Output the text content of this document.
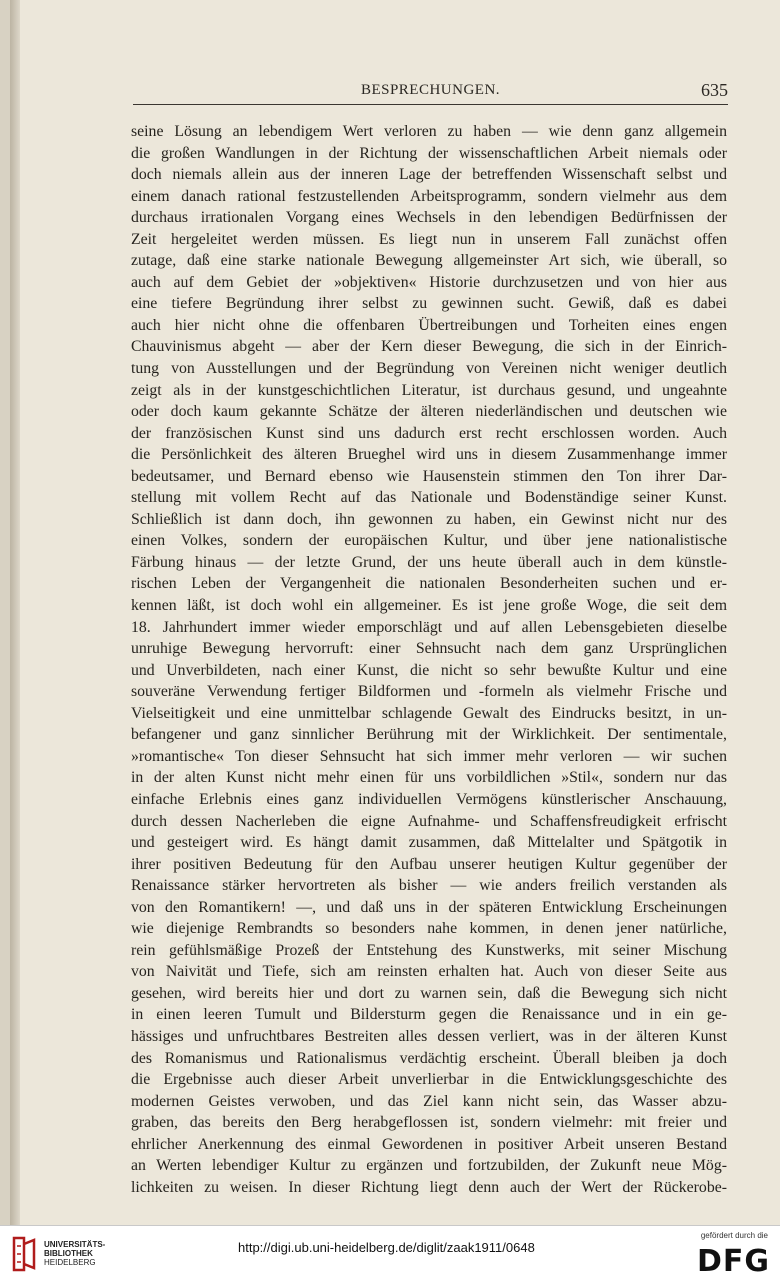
BESPRECHUNGEN.	635
seine Lösung an lebendigem Wert verloren zu haben — wie denn ganz allgemein
die großen Wandlungen in der Richtung der wissenschaftlichen Arbeit niemals oder
doch niemals allein aus der inneren Lage der betreffenden Wissenschaft selbst und
einem danach rational festzustellenden Arbeitsprogramm, sondern vielmehr aus dem
durchaus irrationalen Vorgang eines Wechsels in den lebendigen Bedürfnissen der
Zeit hergeleitet werden müssen. Es liegt nun in unserem Fall zunächst offen
zutage, daß eine starke nationale Bewegung allgemeinster Art sich, wie überall, so
auch auf dem Gebiet der »objektiven« Historie durchzusetzen und von hier aus
eine tiefere Begründung ihrer selbst zu gewinnen sucht. Gewiß, daß es dabei
auch hier nicht ohne die offenbaren Übertreibungen und Torheiten eines engen
Chauvinismus abgeht — aber der Kern dieser Bewegung, die sich in der Einrich-
tung von Ausstellungen und der Begründung von Vereinen nicht weniger deutlich
zeigt als in der kunstgeschichtlichen Literatur, ist durchaus gesund, und ungeahnte
oder doch kaum gekannte Schätze der älteren niederländischen und deutschen wie
der französischen Kunst sind uns dadurch erst recht erschlossen worden. Auch
die Persönlichkeit des älteren Brueghel wird uns in diesem Zusammenhange immer
bedeutsamer, und Bernard ebenso wie Hausenstein stimmen den Ton ihrer Dar-
stellung mit vollem Recht auf das Nationale und Bodenständige seiner Kunst.
Schließlich ist dann doch, ihn gewonnen zu haben, ein Gewinst nicht nur des
einen Volkes, sondern der europäischen Kultur, und über jene nationalistische
Färbung hinaus — der letzte Grund, der uns heute überall auch in dem künstle-
rischen Leben der Vergangenheit die nationalen Besonderheiten suchen und er-
kennen läßt, ist doch wohl ein allgemeiner. Es ist jene große Woge, die seit dem
18. Jahrhundert immer wieder emporschlägt und auf allen Lebensgebieten dieselbe
unruhige Bewegung hervorruft: einer Sehnsucht nach dem ganz Ursprünglichen
und Unverbildeten, nach einer Kunst, die nicht so sehr bewußte Kultur und eine
souveräne Verwendung fertiger Bildformen und -formeln als vielmehr Frische und
Vielseitigkeit und eine unmittelbar schlagende Gewalt des Eindrucks besitzt, in un-
befangener und ganz sinnlicher Berührung mit der Wirklichkeit. Der sentimentale,
»romantische« Ton dieser Sehnsucht hat sich immer mehr verloren — wir suchen
in der alten Kunst nicht mehr einen für uns vorbildlichen »Stil«, sondern nur das
einfache Erlebnis eines ganz individuellen Vermögens künstlerischer Anschauung,
durch dessen Nacherleben die eigne Aufnahme- und Schaffensfreudigkeit erfrischt
und gesteigert wird. Es hängt damit zusammen, daß Mittelalter und Spätgotik in
ihrer positiven Bedeutung für den Aufbau unserer heutigen Kultur gegenüber der
Renaissance stärker hervortreten als bisher — wie anders freilich verstanden als
von den Romantikern! —, und daß uns in der späteren Entwicklung Erscheinungen
wie diejenige Rembrandts so besonders nahe kommen, in denen jener natürliche,
rein gefühlsmäßige Prozeß der Entstehung des Kunstwerks, mit seiner Mischung
von Naivität und Tiefe, sich am reinsten erhalten hat. Auch von dieser Seite aus
gesehen, wird bereits hier und dort zu warnen sein, daß die Bewegung sich nicht
in einen leeren Tumult und Bildersturm gegen die Renaissance und in ein ge-
hässiges und unfruchtbares Bestreiten alles dessen verliert, was in der älteren Kunst
des Romanismus und Rationalismus verdächtig erscheint. Überall bleiben ja doch
die Ergebnisse auch dieser Arbeit unverlierbar in die Entwicklungsgeschichte des
modernen Geistes verwoben, und das Ziel kann nicht sein, das Wasser abzu-
graben, das bereits den Berg herabgeflossen ist, sondern vielmehr: mit freier und
ehrlicher Anerkennung des einmal Gewordenen in positiver Arbeit unseren Bestand
an Werten lebendiger Kultur zu ergänzen und fortzubilden, der Zukunft neue Mög-
lichkeiten zu weisen. In dieser Richtung liegt denn auch der Wert der Rückerobe-
UNIVERSITÄTS-
BIBLIOTHEK
HEIDELBERG
http://digi.ub.uni-heidelberg.de/diglit/zaak1911/0648
gefördert durch die
DFG
